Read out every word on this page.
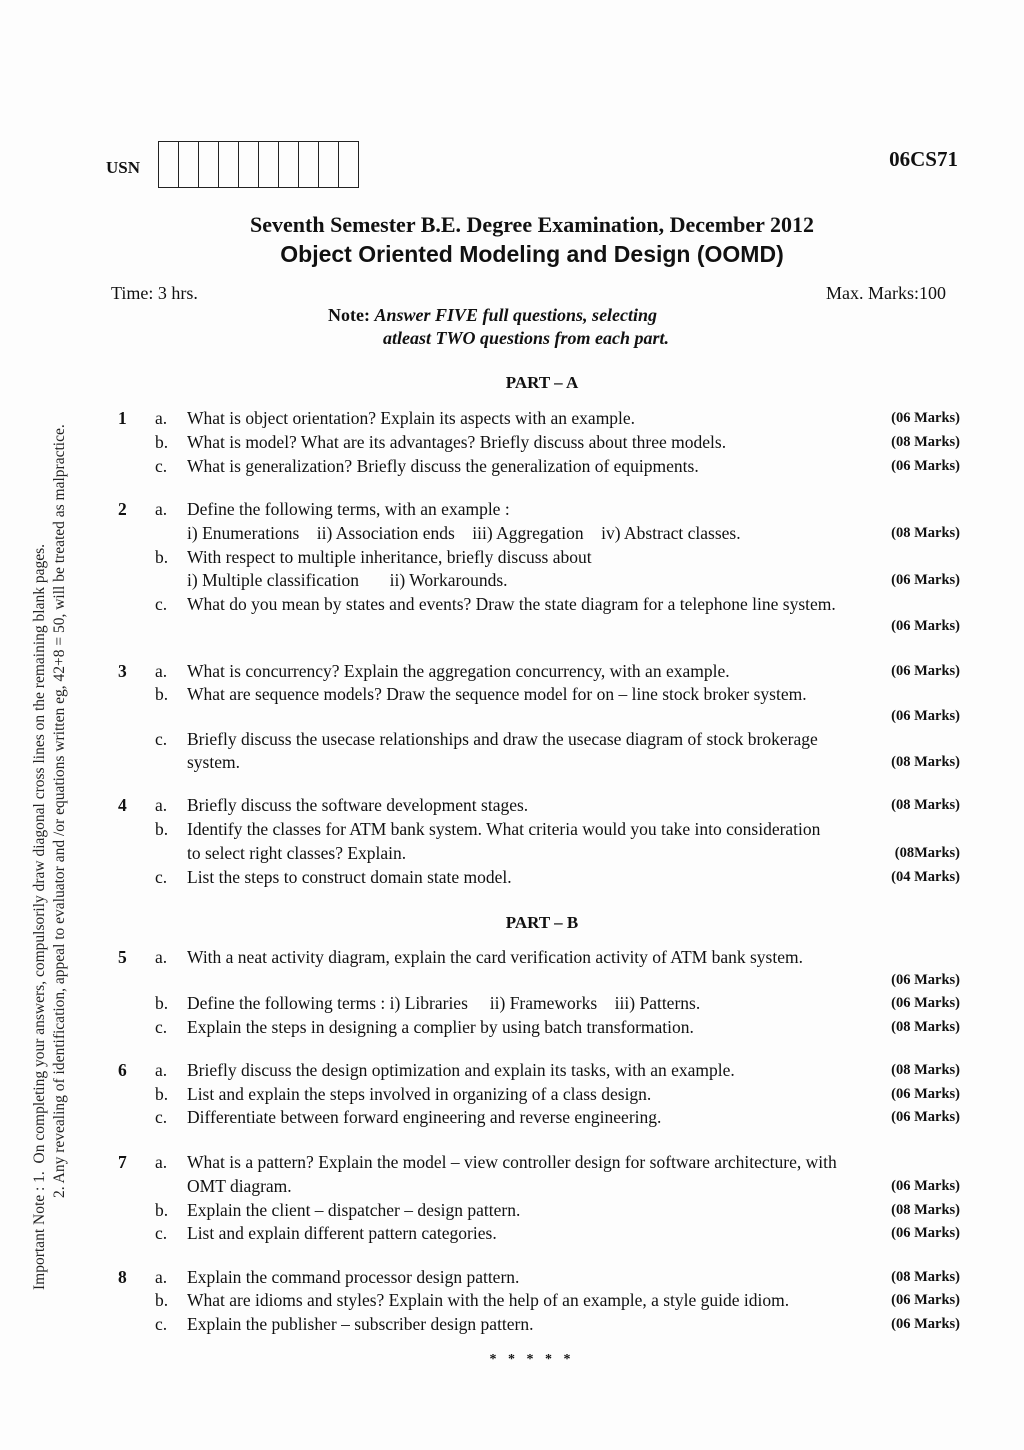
USN	06CS71
Seventh Semester B.E. Degree Examination, December 2012
Object Oriented Modeling and Design (OOMD)
Time: 3 hrs.	Max. Marks:100
Note: Answer FIVE full questions, selecting
atleast TWO questions from each part.
PART – A
PART – B
Important Note : 1.  On completing your answers, compulsorily draw diagonal cross lines on the remaining blank pages. 2. Any revealing of identification, appeal to evaluator and /or equations written eg, 42+8 = 50, will be treated as malpractice.
1 a. What is object orientation? Explain its aspects with an example.	(06 Marks)
b. What is model? What are its advantages? Briefly discuss about three models.	(08 Marks)
c. What is generalization? Briefly discuss the generalization of equipments.	(06 Marks)
2 a. Define the following terms, with an example :
i) Enumerations    ii) Association ends    iii) Aggregation    iv) Abstract classes.	(08 Marks)
b. With respect to multiple inheritance, briefly discuss about
i) Multiple classification       ii) Workarounds.	(06 Marks)
c. What do you mean by states and events? Draw the state diagram for a telephone line system.
(06 Marks)
3 a. What is concurrency? Explain the aggregation concurrency, with an example.	(06 Marks)
b. What are sequence models? Draw the sequence model for on – line stock broker system.
(06 Marks)
c. Briefly discuss the usecase relationships and draw the usecase diagram of stock brokerage
system.	(08 Marks)
4 a. Briefly discuss the software development stages.	(08 Marks)
b. Identify the classes for ATM bank system. What criteria would you take into consideration
to select right classes? Explain.	(08Marks)
c. List the steps to construct domain state model.	(04 Marks)
5 a. With a neat activity diagram, explain the card verification activity of ATM bank system.
(06 Marks)
b. Define the following terms : i) Libraries     ii) Frameworks    iii) Patterns.	(06 Marks)
c. Explain the steps in designing a complier by using batch transformation.	(08 Marks)
6 a. Briefly discuss the design optimization and explain its tasks, with an example.	(08 Marks)
b. List and explain the steps involved in organizing of a class design.	(06 Marks)
c. Differentiate between forward engineering and reverse engineering.	(06 Marks)
7 a. What is a pattern? Explain the model – view controller design for software architecture, with
OMT diagram.	(06 Marks)
b. Explain the client – dispatcher – design pattern.	(08 Marks)
c. List and explain different pattern categories.	(06 Marks)
8 a. Explain the command processor design pattern.	(08 Marks)
b. What are idioms and styles? Explain with the help of an example, a style guide idiom.	(06 Marks)
c. Explain the publisher – subscriber design pattern.	(06 Marks)
* * * * *
